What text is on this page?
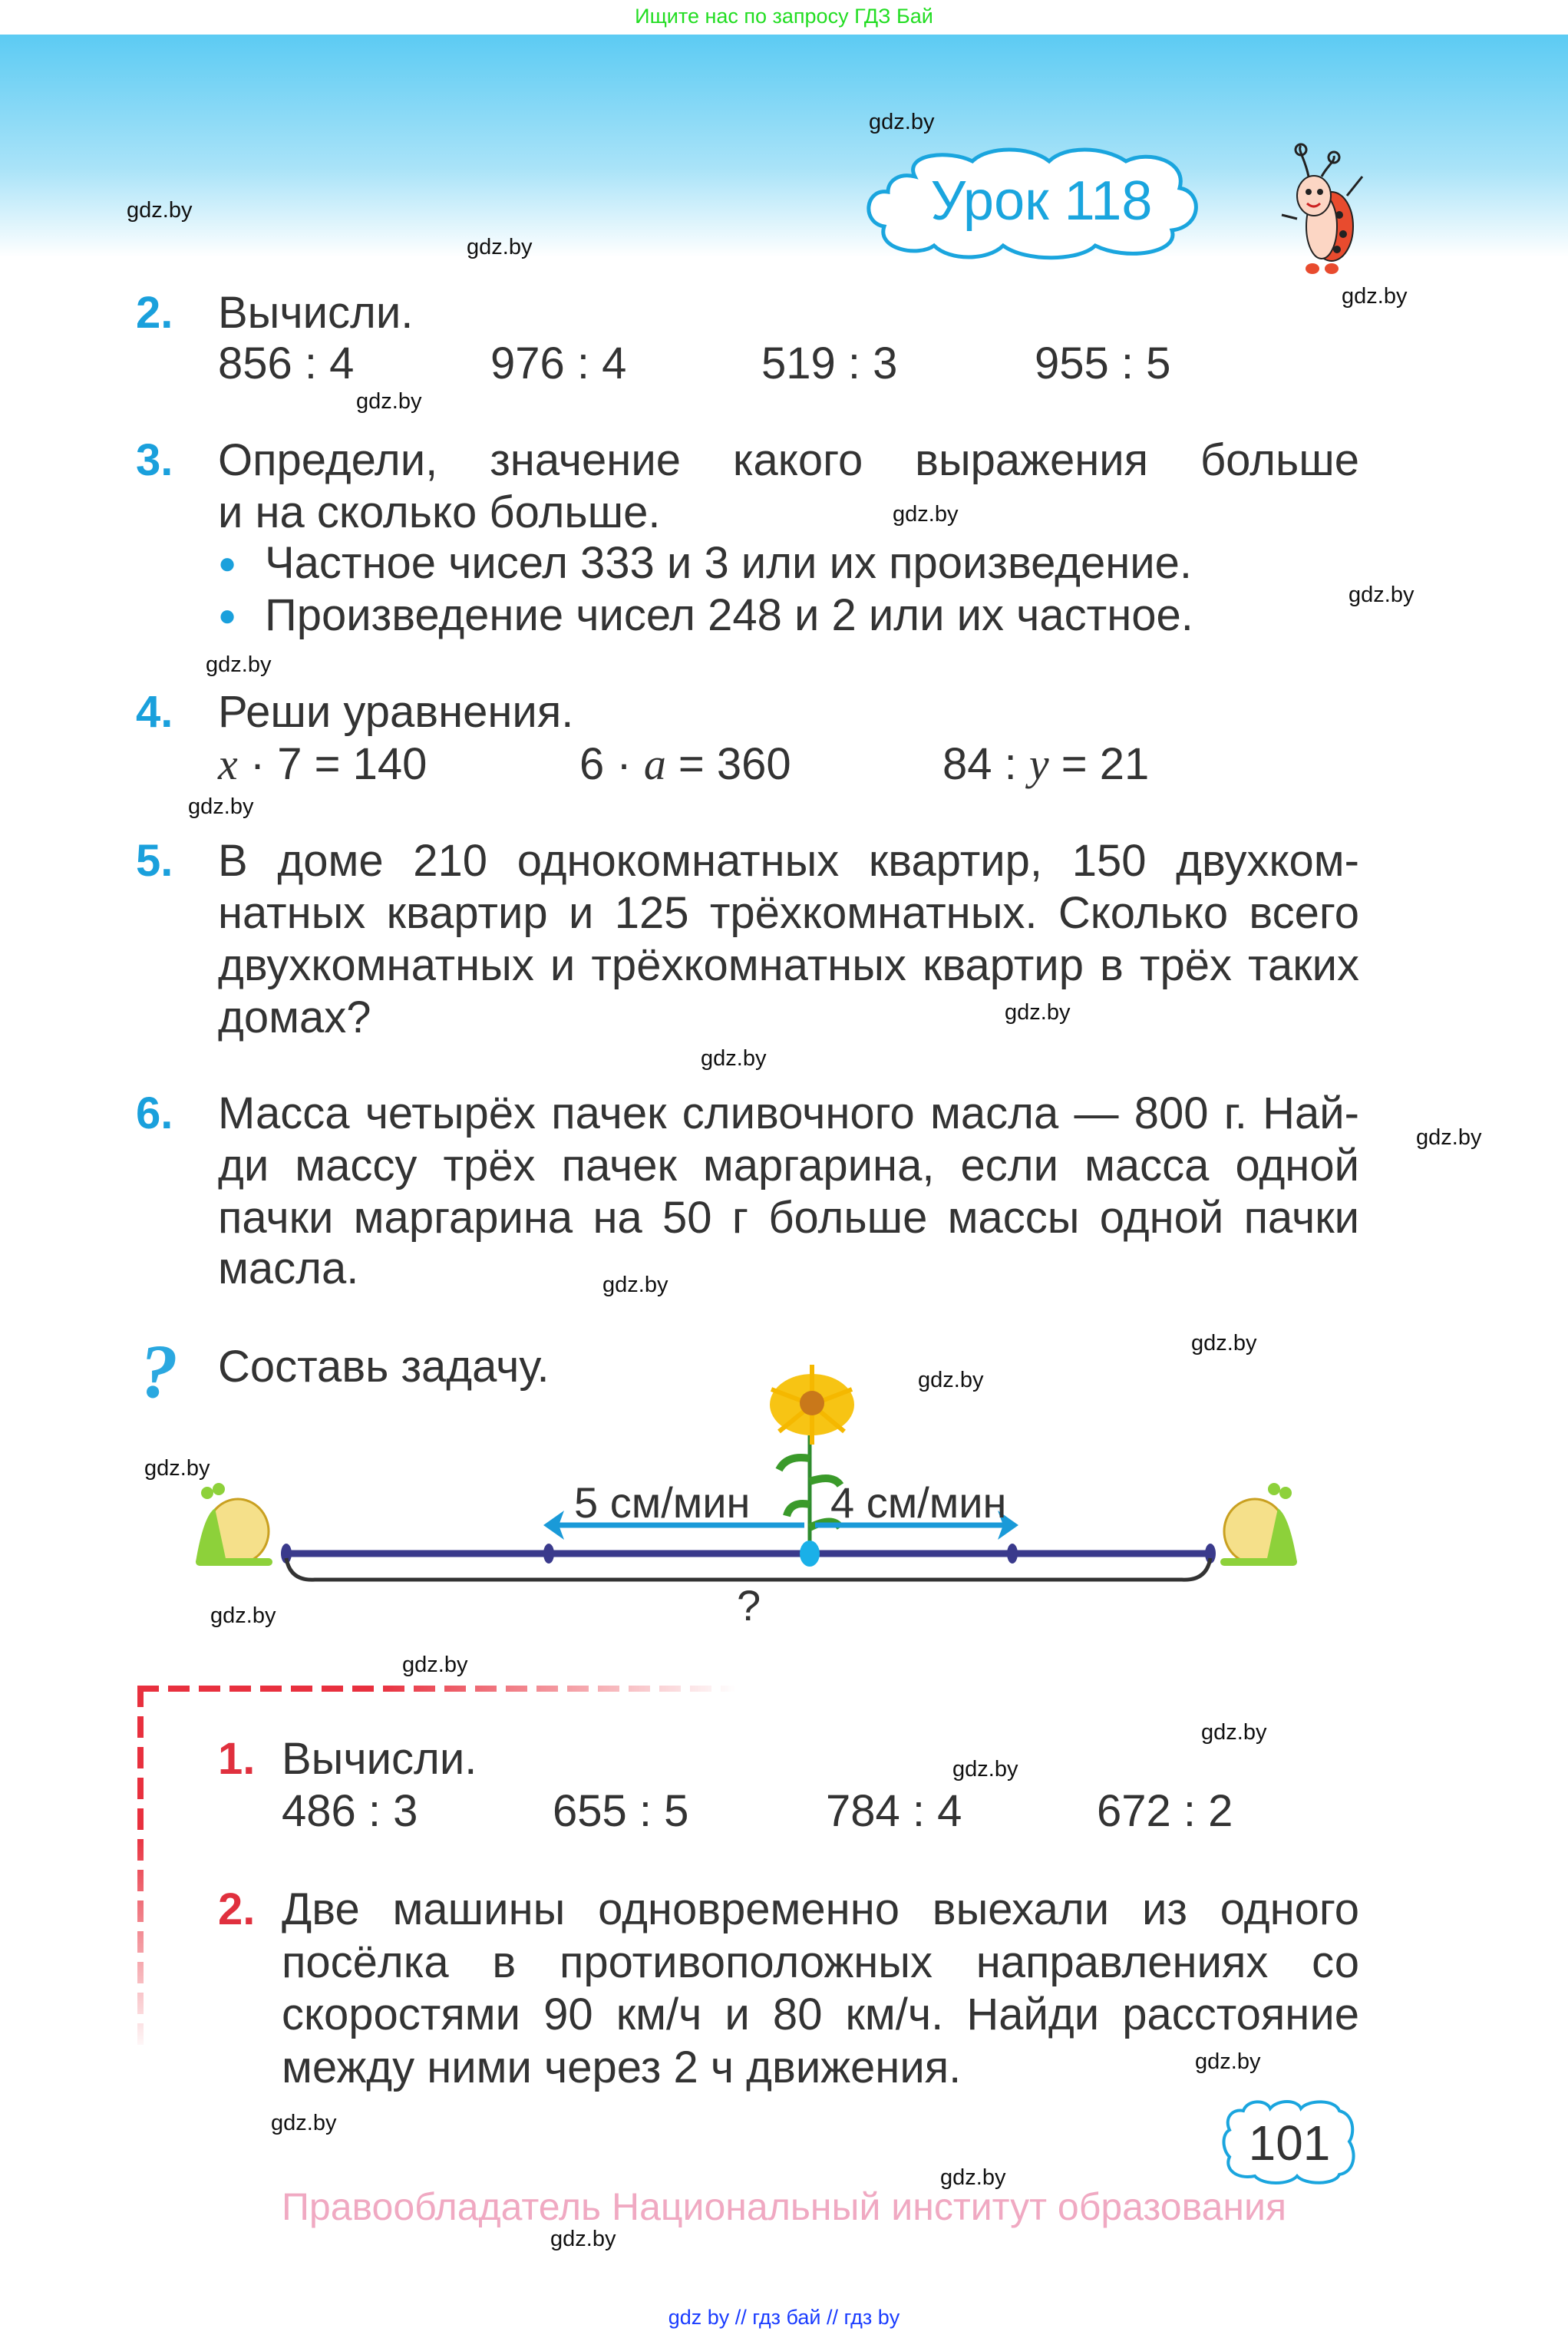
Ищите нас по запросу ГДЗ Бай
Урок 118
2. Вычисли.
856 : 4	976 : 4	519 : 3	955 : 5
3. Определи, значение какого выражения больше
и на сколько больше.
● Частное чисел 333 и 3 или их произведение.
● Произведение чисел 248 и 2 или их частное.
4. Реши уравнения.
x · 7 = 140	6 · a = 360	84 : y = 21
5. В доме 210 однокомнатных квартир, 150 двухком-
натных квартир и 125 трёхкомнатных. Сколько всего
двухкомнатных и трёхкомнатных квартир в трёх таких
домах?
6. Масса четырёх пачек сливочного масла — 800 г. Най-
ди массу трёх пачек маргарина, если масса одной
пачки маргарина на 50 г больше массы одной пачки
масла.
? Составь задачу.
5 см/мин 4 см/мин
?
1. Вычисли.
486 : 3	655 : 5	784 : 4	672 : 2
2. Две машины одновременно выехали из одного
посёлка в противоположных направлениях со
скоростями 90 км/ч и 80 км/ч. Найди расстояние
между ними через 2 ч движения.
101
Правообладатель Национальный институт образования
gdz by // гдз бай // гдз by
gdz.by
gdz.by
gdz.by
gdz.by
gdz.by
gdz.by
gdz.by
gdz.by
gdz.by
gdz.by
gdz.by
gdz.by
gdz.by
gdz.by
gdz.by
gdz.by
gdz.by
gdz.by
gdz.by
gdz.by
gdz.by
gdz.by
gdz.by
gdz.by
